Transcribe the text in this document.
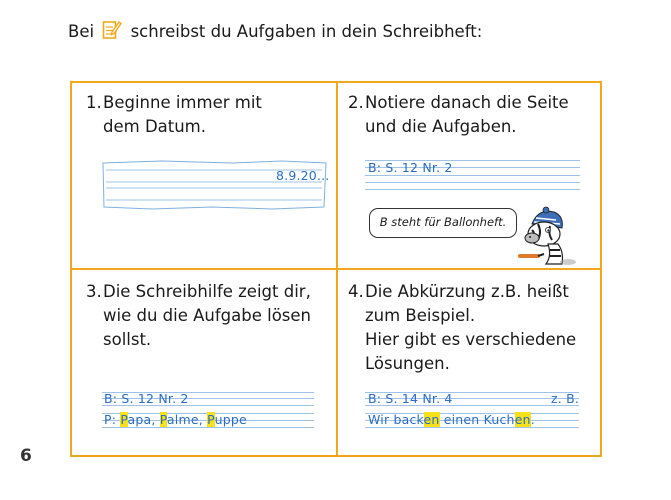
Bei schreibst du Aufgaben in dein Schreibheft:
1. Beginne immer mit
dem Datum.
8.9.20...
2. Notiere danach die Seite
und die Aufgaben.
B: S. 12 Nr. 2
B steht für Ballonheft.
3. Die Schreibhilfe zeigt dir,
wie du die Aufgabe lösen
sollst.
B: S. 12 Nr. 2
P: Papa, Palme, Puppe
4. Die Abkürzung z.B. heißt
zum Beispiel.
Hier gibt es verschiedene
Lösungen.
B: S. 14 Nr. 4	z. B.
Wir backen einen Kuchen.
6
